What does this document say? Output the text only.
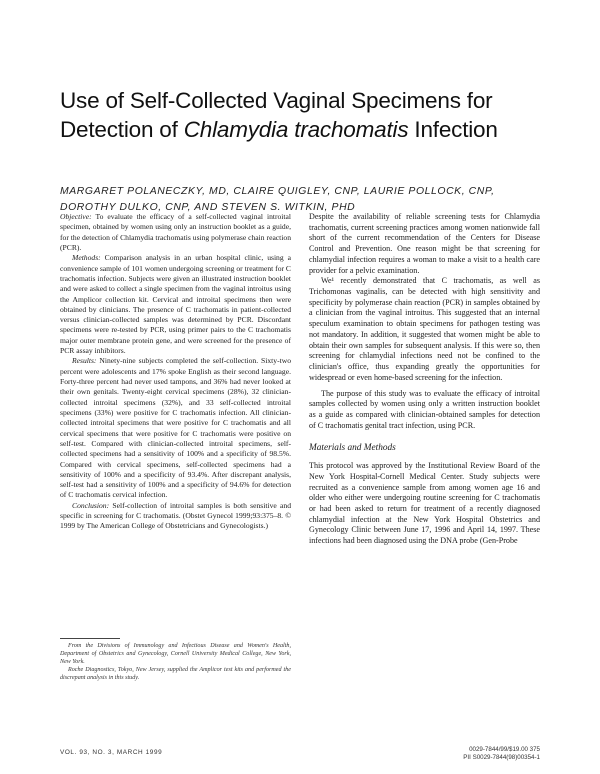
Use of Self-Collected Vaginal Specimens for
Detection of Chlamydia trachomatis Infection
MARGARET POLANECZKY, MD, CLAIRE QUIGLEY, CNP, LAURIE POLLOCK, CNP,
DOROTHY DULKO, CNP, AND STEVEN S. WITKIN, PHD

Objective: To evaluate the efficacy of a self-collected vaginal introital specimen, obtained by women using only an instruction booklet as a guide, for the detection of Chlamydia trachomatis using polymerase chain reaction (PCR).

Methods: Comparison analysis in an urban hospital clinic, using a convenience sample of 101 women undergoing screening or treatment for C trachomatis infection. Subjects were given an illustrated instruction booklet and were asked to collect a single specimen from the vaginal introitus using the Amplicor collection kit. Cervical and introital specimens then were obtained by clinicians. The presence of C trachomatis in patient-collected versus clinician-collected samples was determined by PCR. Discordant specimens were re-tested by PCR, using primer pairs to the C trachomatis major outer membrane protein gene, and were screened for the presence of PCR assay inhibitors.

Results: Ninety-nine subjects completed the self-collection. Sixty-two percent were adolescents and 17% spoke English as their second language. Forty-three percent had never used tampons, and 36% had never looked at their own genitals. Twenty-eight cervical specimens (28%), 32 clinician-collected introital specimens (32%), and 33 self-collected introital specimens (33%) were positive for C trachomatis infection. All clinician-collected introital specimens that were positive for C trachomatis and all cervical specimens that were positive for C trachomatis were positive on self-test. Compared with clinician-collected introital specimens, self-collected specimens had a sensitivity of 100% and a specificity of 98.5%. Compared with cervical specimens, self-collected specimens had a sensitivity of 100% and a specificity of 93.4%. After discrepant analysis, self-test had a sensitivity of 100% and a specificity of 94.6% for detection of C trachomatis cervical infection.

Conclusion: Self-collection of introital samples is both sensitive and specific in screening for C trachomatis. (Obstet Gynecol 1999;93:375–8. © 1999 by The American College of Obstetricians and Gynecologists.)

From the Divisions of Immunology and Infectious Disease and Women's Health, Department of Obstetrics and Gynecology, Cornell University Medical College, New York, New York.

Roche Diagnostics, Tokyo, New Jersey, supplied the Amplicor test kits and performed the discrepant analysis in this study.

Despite the availability of reliable screening tests for Chlamydia trachomatis, current screening practices among women nationwide fall short of the current recommendation of the Centers for Disease Control and Prevention. One reason might be that screening for chlamydial infection requires a woman to make a visit to a health care provider for a pelvic examination.

We¹ recently demonstrated that C trachomatis, as well as Trichomonas vaginalis, can be detected with high sensitivity and specificity by polymerase chain reaction (PCR) in samples obtained by a clinician from the vaginal introitus. This suggested that an internal speculum examination to obtain specimens for pathogen testing was not mandatory. In addition, it suggested that women might be able to obtain their own samples for subsequent analysis. If this were so, then screening for chlamydial infections need not be confined to the clinician's office, thus expanding greatly the opportunities for widespread or even home-based screening for the infection.

The purpose of this study was to evaluate the efficacy of introital samples collected by women using only a written instruction booklet as a guide as compared with clinician-obtained samples for detection of C trachomatis genital tract infection, using PCR.

Materials and Methods

This protocol was approved by the Institutional Review Board of the New York Hospital-Cornell Medical Center. Study subjects were recruited as a convenience sample from among women age 16 and older who either were undergoing routine screening for C trachomatis or had been asked to return for treatment of a recently diagnosed chlamydial infection at the New York Hospital Obstetrics and Gynecology Clinic between June 17, 1996 and April 14, 1997. These infections had been diagnosed using the DNA probe (Gen-Probe

VOL. 93, NO. 3, MARCH 1999	0029-7844/99/$19.00 375
PII S0029-7844(98)00354-1
